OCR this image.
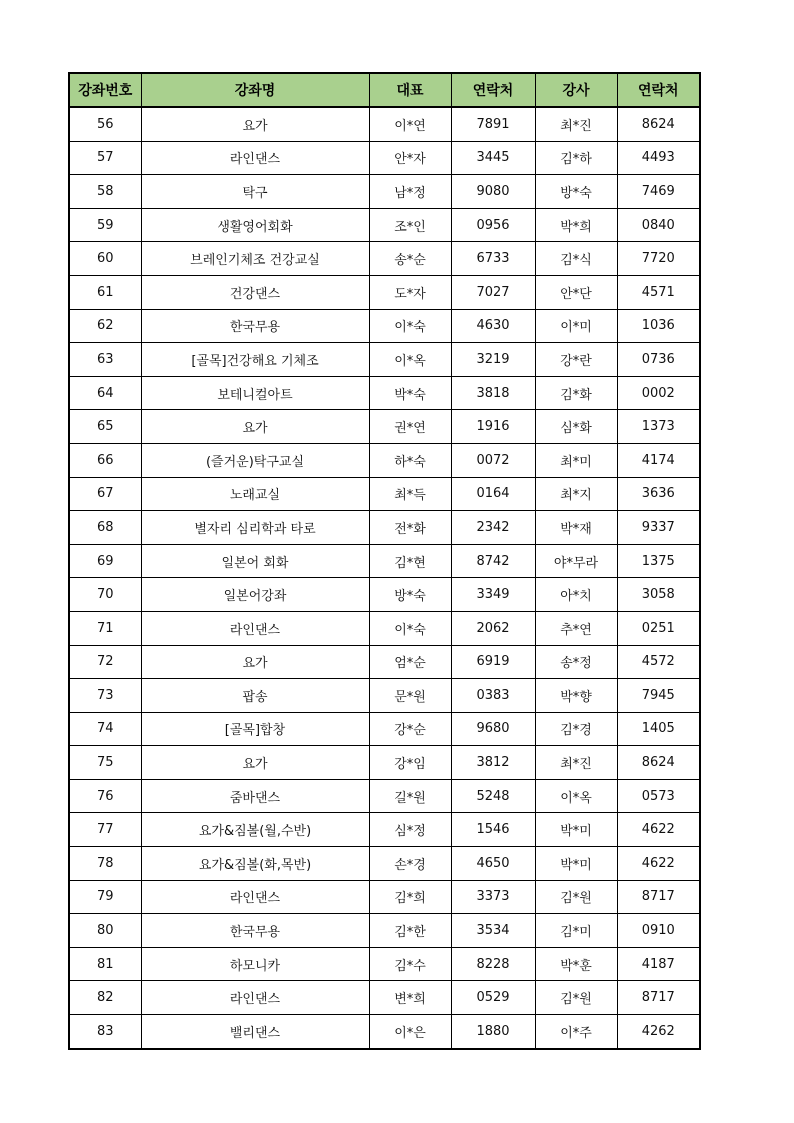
강좌번호	강좌명	대표	연락처	강사	연락처
56	요가	이*연	7891	최*진	8624
57	라인댄스	안*자	3445	김*하	4493
58	탁구	남*정	9080	방*숙	7469
59	생활영어회화	조*인	0956	박*희	0840
60	브레인기체조 건강교실	송*순	6733	김*식	7720
61	건강댄스	도*자	7027	안*단	4571
62	한국무용	이*숙	4630	이*미	1036
63	[골목]건강해요 기체조	이*옥	3219	강*란	0736
64	보테니컬아트	박*숙	3818	김*화	0002
65	요가	권*연	1916	심*화	1373
66	(즐거운)탁구교실	하*숙	0072	최*미	4174
67	노래교실	최*득	0164	최*지	3636
68	별자리 심리학과 타로	전*화	2342	박*재	9337
69	일본어 회화	김*현	8742	야*무라	1375
70	일본어강좌	방*숙	3349	아*치	3058
71	라인댄스	이*숙	2062	추*연	0251
72	요가	엄*순	6919	송*정	4572
73	팝송	문*원	0383	박*향	7945
74	[골목]합창	강*순	9680	김*경	1405
75	요가	강*임	3812	최*진	8624
76	줌바댄스	길*원	5248	이*옥	0573
77	요가&짐볼(월,수반)	심*정	1546	박*미	4622
78	요가&짐볼(화,목반)	손*경	4650	박*미	4622
79	라인댄스	김*희	3373	김*원	8717
80	한국무용	김*한	3534	김*미	0910
81	하모니카	김*수	8228	박*훈	4187
82	라인댄스	변*희	0529	김*원	8717
83	밸리댄스	이*은	1880	이*주	4262
